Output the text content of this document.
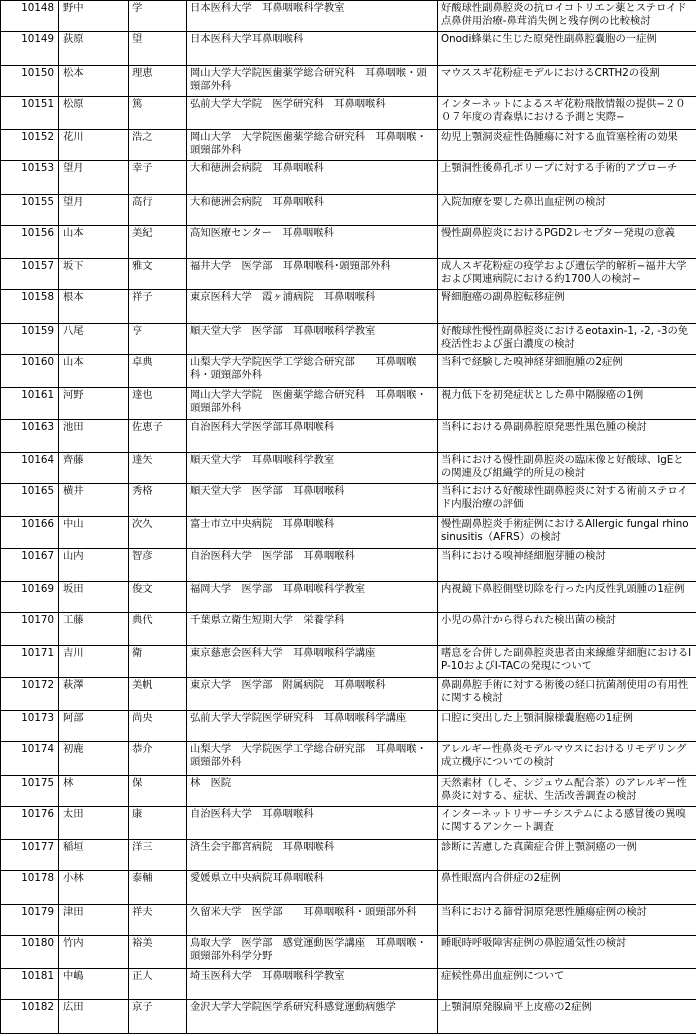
10148	野中	学	日本医科大学　耳鼻咽喉科学教室	好酸球性副鼻腔炎の抗ロイコトリエン薬とステロイド点鼻併用治療-鼻茸消失例と残存例の比較検討
10149	荻原	望	日本医科大学耳鼻咽喉科	Onodi蜂巣に生じた原発性副鼻腔嚢胞の一症例
10150	松本	理恵	岡山大学大学院医歯薬学総合研究科　耳鼻咽喉・頭頸部外科	マウススギ花粉症モデルにおけるCRTH2の役割
10151	松原	篤	弘前大学大学院　医学研究科　耳鼻咽喉科	インターネットによるスギ花粉飛散情報の提供−２００７年度の青森県における予測と実際−
10152	花川	浩之	岡山大学　大学院医歯薬学総合研究科　耳鼻咽喉・頭頸部外科	幼児上顎洞炎症性偽腫瘍に対する血管塞栓術の効果
10153	望月	幸子	大和徳洲会病院　耳鼻咽喉科	上顎洞性後鼻孔ポリープに対する手術的アプローチ
10155	望月	高行	大和徳洲会病院　耳鼻咽喉科	入院加療を要した鼻出血症例の検討
10156	山本	美紀	高知医療センター　耳鼻咽喉科	慢性副鼻腔炎におけるPGD2レセプター発現の意義
10157	坂下	雅文	福井大学　医学部　耳鼻咽喉科･頭頸部外科	成人スギ花粉症の疫学および遺伝学的解析−福井大学および関連病院における約1700人の検討−
10158	根本	祥子	東京医科大学　霞ヶ浦病院　耳鼻咽喉科	腎細胞癌の副鼻腔転移症例
10159	八尾	亨	順天堂大学　医学部　耳鼻咽喉科学教室	好酸球性慢性副鼻腔炎におけるeotaxin-1, -2, -3の免疫活性および蛋白濃度の検討
10160	山本	卓典	山梨大学大学院医学工学総合研究部　　耳鼻咽喉科・頭頸部外科	当科で経験した嗅神経芽細胞腫の2症例
10161	河野	達也	岡山大学大学院　医歯薬学総合研究科　耳鼻咽喉・頭頸部外科	視力低下を初発症状とした鼻中隔腺癌の1例
10163	池田	佐恵子	自治医科大学医学部耳鼻咽喉科	当科における鼻副鼻腔原発悪性黒色腫の検討
10164	齊藤	達矢	順天堂大学　耳鼻咽喉科学教室	当科における慢性副鼻腔炎の臨床像と好酸球、IgEとの関連及び組織学的所見の検討
10165	横井	秀格	順天堂大学　医学部　耳鼻咽喉科	当科における好酸球性副鼻腔炎に対する術前ステロイド内服治療の評価
10166	中山	次久	富士市立中央病院　耳鼻咽喉科	慢性副鼻腔炎手術症例におけるAllergic fungal rhinosinusitis（AFRS）の検討
10167	山内	智彦	自治医科大学　医学部　耳鼻咽喉科	当科における嗅神経細胞芽腫の検討
10169	坂田	俊文	福岡大学　医学部　耳鼻咽喉科学教室	内視鏡下鼻腔側壁切除を行った内反性乳頭腫の1症例
10170	工藤	典代	千葉県立衛生短期大学　栄養学科	小児の鼻汁から得られた検出菌の検討
10171	吉川	衛	東京慈恵会医科大学　耳鼻咽喉科学講座	嗜息を合併した副鼻腔炎患者由来線維芽細胞におけるIP-10およびI-TACの発現について
10172	萩澤	美帆	東京大学　医学部　附属病院　耳鼻咽喉科	鼻副鼻腔手術に対する術後の経口抗菌剤使用の有用性に関する検討
10173	阿部	尚央	弘前大学大学院医学研究科　耳鼻咽喉科学講座	口腔に突出した上顎洞腺様嚢胞癌の1症例
10174	初鹿	恭介	山梨大学　大学院医学工学総合研究部　耳鼻咽喉・頭頸部外科	アレルギー性鼻炎モデルマウスにおけるリモデリング成立機序についての検討
10175	林	保	林　医院	天然素材（しそ、シジュウム配合茶）のアレルギー性鼻炎に対する、症状、生活改善調査の検討
10176	太田	康	自治医科大学　耳鼻咽喉科	インターネットリサーチシステムによる感冒後の異嗅に関するアンケート調査
10177	稲垣	洋三	済生会宇都宮病院　耳鼻咽喉科	診断に苦慮した真菌症合併上顎洞癌の一例
10178	小林	泰輔	愛媛県立中央病院耳鼻咽喉科	鼻性眼窩内合併症の2症例
10179	津田	祥夫	久留米大学　医学部　　耳鼻咽喉科・頭頸部外科	当科における篩骨洞原発悪性腫瘍症例の検討
10180	竹内	裕美	鳥取大学　医学部　感覚運動医学講座　耳鼻咽喉・頭頸部外科学分野	睡眠時呼吸障害症例の鼻腔通気性の検討
10181	中嶋	正人	埼玉医科大学　耳鼻咽喉科学教室	症候性鼻出血症例について
10182	広田	京子	金沢大学大学院医学系研究科感覚運動病態学	上顎洞原発腺扁平上皮癌の2症例
